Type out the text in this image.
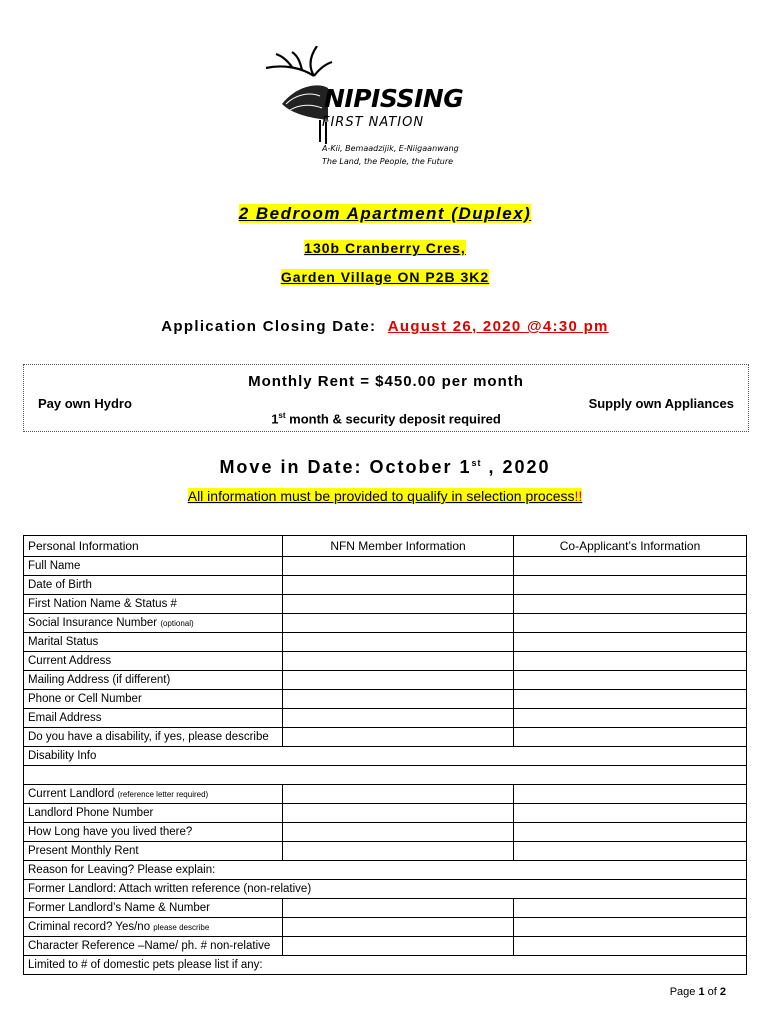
NIPISSING
FIRST NATION
A-Kii, Bemaadzijik, E-Niigaanwang
The Land, the People, the Future
2 Bedroom Apartment (Duplex)
130b Cranberry Cres,
Garden Village ON P2B 3K2
Application Closing Date: August 26, 2020 @4:30 pm
Monthly Rent = $450.00 per month
Pay own Hydro	Supply own Appliances
1st month & security deposit required
Move in Date: October 1st , 2020
All information must be provided to qualify in selection process!!
Personal Information	NFN Member Information	Co-Applicant’s Information
Full Name		
Date of Birth		
First Nation Name & Status #		
Social Insurance Number (optional)		
Marital Status		
Current Address		
Mailing Address (if different)		
Phone or Cell Number		
Email Address		
Do you have a disability, if yes, please describe		
Disability Info		

Current Landlord (reference letter required)		
Landlord Phone Number		
How Long have you lived there?		
Present Monthly Rent		
Reason for Leaving? Please explain:		
Former Landlord: Attach written reference (non-relative)		
Former Landlord’s Name & Number		
Criminal record? Yes/no please describe		
Character Reference –Name/ ph. # non-relative		
Limited to # of domestic pets please list if any:		
Page 1 of 2
